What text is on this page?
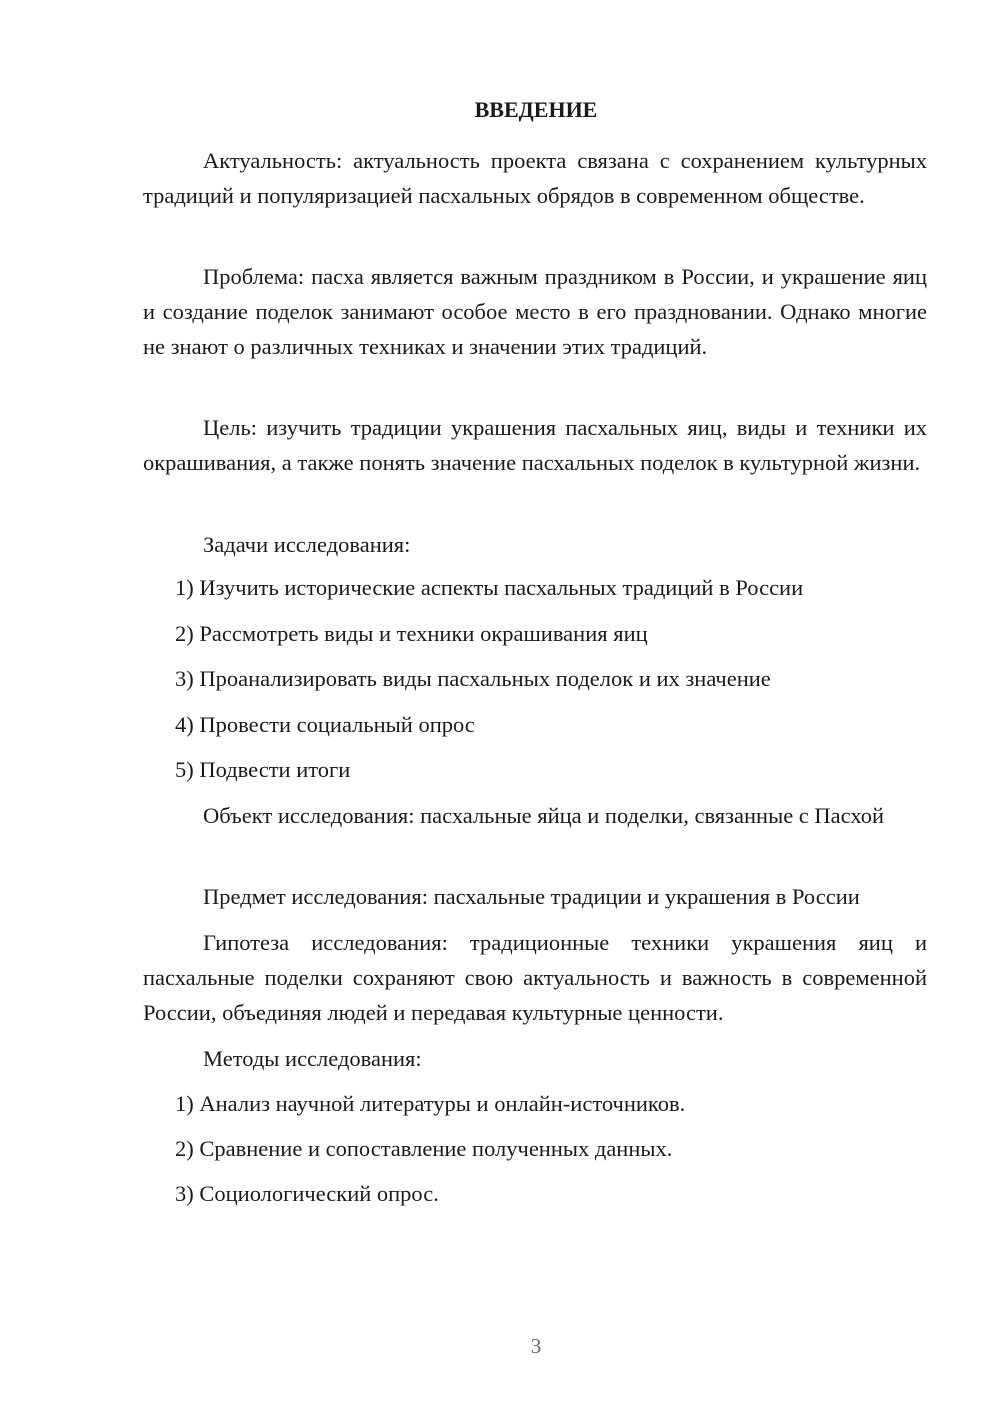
ВВЕДЕНИЕ

Актуальность: актуальность проекта связана с сохранением культурных традиций и популяризацией пасхальных обрядов в современном обществе.

Проблема: пасха является важным праздником в России, и украшение яиц и создание поделок занимают особое место в его праздновании. Однако многие не знают о различных техниках и значении этих традиций.

Цель: изучить традиции украшения пасхальных яиц, виды и техники их окрашивания, а также понять значение пасхальных поделок в культурной жизни.

Задачи исследования:

1) Изучить исторические аспекты пасхальных традиций в России

2) Рассмотреть виды и техники окрашивания яиц

3) Проанализировать виды пасхальных поделок и их значение

4) Провести социальный опрос

5) Подвести итоги

Объект исследования: пасхальные яйца и поделки, связанные с Пасхой

Предмет исследования: пасхальные традиции и украшения в России

Гипотеза исследования: традиционные техники украшения яиц и пасхальные поделки сохраняют свою актуальность и важность в современной России, объединяя людей и передавая культурные ценности.

Методы исследования:

1) Анализ научной литературы и онлайн-источников.

2) Сравнение и сопоставление полученных данных.

3) Социологический опрос.

3
